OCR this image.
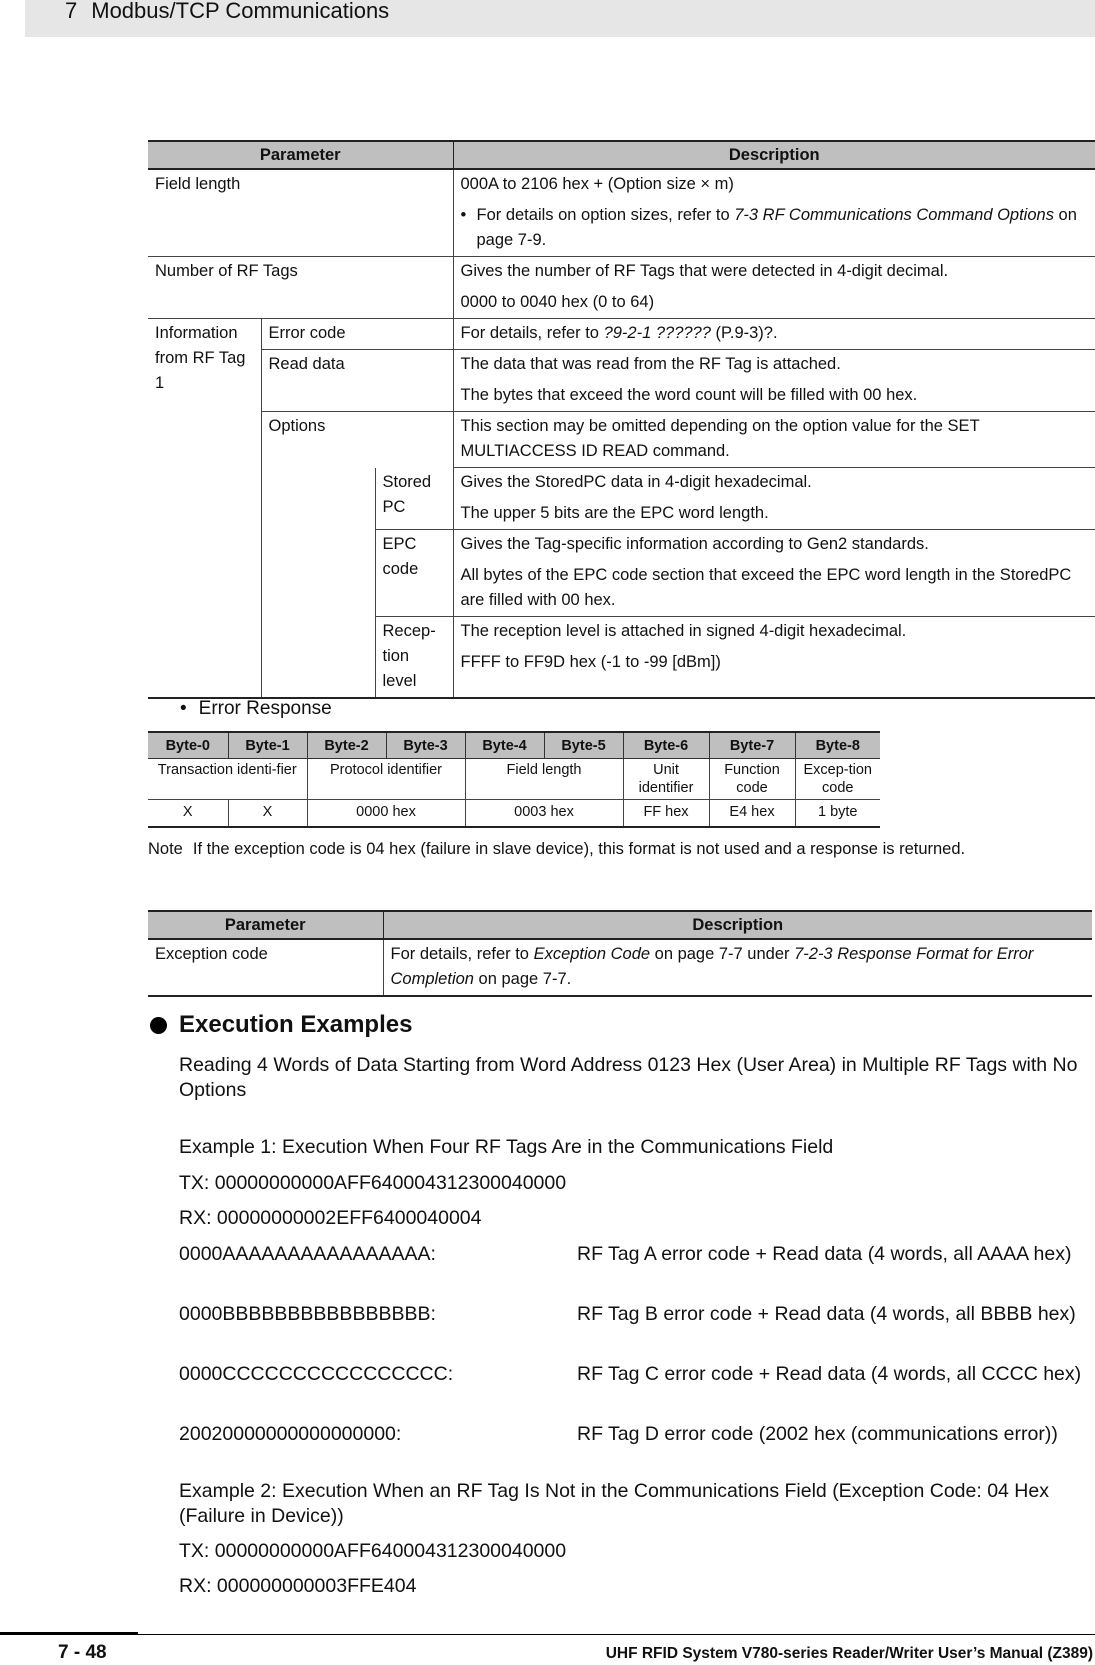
7 Modbus/TCP Communications
Parameter			Description
Field length			000A to 2106 hex + (Option size × m)

• For details on option sizes, refer to 7-3 RF Communications Command Options on page 7-9.

Number of RF Tags			Gives the number of RF Tags that were detected in 4-digit decimal.

0000 to 0040 hex (0 to 64)

Information from RF Tag 1	Error code		For details, refer to ?9-2-1 ?????? (P.9-3)?.
	Read data		The data that was read from the RF Tag is attached.

The bytes that exceed the word count will be filled with 00 hex.

	Options		This section may be omitted depending on the option value for the SET MULTIACCESS ID READ command.
		Stored PC	Gives the StoredPC data in 4-digit hexadecimal.

The upper 5 bits are the EPC word length.

		EPC code	Gives the Tag-specific information according to Gen2 standards.

All bytes of the EPC code section that exceed the EPC word length in the StoredPC are filled with 00 hex.

		Recep-tion level	The reception level is attached in signed 4-digit hexadecimal.

FFFF to FF9D hex (-1 to -99 [dBm])

• Error Response
Byte-0	Byte-1	Byte-2	Byte-3	Byte-4	Byte-5	Byte-6	Byte-7	Byte-8
Transaction identi-fier		Protocol identifier		Field length		Unit identifier	Function code	Excep-tion code
X	X	0000 hex		0003 hex		FF hex	E4 hex	1 byte
Note If the exception code is 04 hex (failure in slave device), this format is not used and a response is returned.
Parameter	Description
Exception code	For details, refer to Exception Code on page 7-7 under 7-2-3 Response Format for Error Completion on page 7-7.
Execution Examples
Reading 4 Words of Data Starting from Word Address 0123 Hex (User Area) in Multiple RF Tags with No Options
Example 1: Execution When Four RF Tags Are in the Communications Field
TX: 00000000000AFF640004312300040000
RX: 00000000002EFF6400040004
0000AAAAAAAAAAAAAAAA:	RF Tag A error code + Read data (4 words, all AAAA hex)
0000BBBBBBBBBBBBBBBB:	RF Tag B error code + Read data (4 words, all BBBB hex)
0000CCCCCCCCCCCCCCCC:	RF Tag C error code + Read data (4 words, all CCCC hex)
20020000000000000000:	RF Tag D error code (2002 hex (communications error))
Example 2: Execution When an RF Tag Is Not in the Communications Field (Exception Code: 04 Hex (Failure in Device))
TX: 00000000000AFF640004312300040000
RX: 000000000003FFE404
7 - 48	UHF RFID System V780-series Reader/Writer User’s Manual (Z389)
